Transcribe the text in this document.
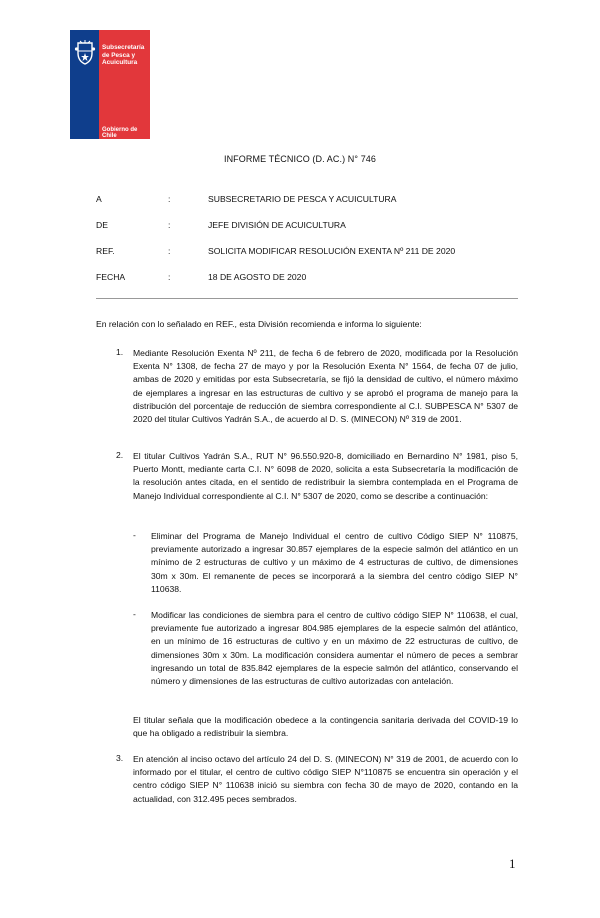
Subsecretaría
de Pesca y
Acuicultura
Gobierno de Chile
INFORME TÉCNICO (D. AC.) N° 746
A	:	SUBSECRETARIO DE PESCA Y ACUICULTURA
DE	:	JEFE DIVISIÓN DE ACUICULTURA
REF.	:	SOLICITA MODIFICAR RESOLUCIÓN EXENTA Nº 211 DE 2020
FECHA	:	18 DE AGOSTO DE 2020
En relación con lo señalado en REF., esta División recomienda e informa lo siguiente:
1. Mediante Resolución Exenta Nº 211, de fecha 6 de febrero de 2020, modificada por la Resolución Exenta N° 1308, de fecha 27 de mayo y por la Resolución Exenta N° 1564, de fecha 07 de julio, ambas de 2020 y emitidas por esta Subsecretaría, se fijó la densidad de cultivo, el número máximo de ejemplares a ingresar en las estructuras de cultivo y se aprobó el programa de manejo para la distribución del porcentaje de reducción de siembra correspondiente al C.I. SUBPESCA N° 5307 de 2020 del titular Cultivos Yadrán S.A., de acuerdo al D. S. (MINECON) Nº 319 de 2001.
2. El titular Cultivos Yadrán S.A., RUT N° 96.550.920-8, domiciliado en Bernardino N° 1981, piso 5, Puerto Montt, mediante carta C.I. N° 6098 de 2020, solicita a esta Subsecretaría la modificación de la resolución antes citada, en el sentido de redistribuir la siembra contemplada en el Programa de Manejo Individual correspondiente al C.I. N° 5307 de 2020, como se describe a continuación:
- Eliminar del Programa de Manejo Individual el centro de cultivo Código SIEP N° 110875, previamente autorizado a ingresar 30.857 ejemplares de la especie salmón del atlántico en un mínimo de 2 estructuras de cultivo y un máximo de 4 estructuras de cultivo, de dimensiones 30m x 30m. El remanente de peces se incorporará a la siembra del centro código SIEP N° 110638.
- Modificar las condiciones de siembra para el centro de cultivo código SIEP N° 110638, el cual, previamente fue autorizado a ingresar 804.985 ejemplares de la especie salmón del atlántico, en un mínimo de 16 estructuras de cultivo y en un máximo de 22 estructuras de cultivo, de dimensiones 30m x 30m. La modificación considera aumentar el número de peces a sembrar ingresando un total de 835.842 ejemplares de la especie salmón del atlántico, conservando el número y dimensiones de las estructuras de cultivo autorizadas con antelación.
El titular señala que la modificación obedece a la contingencia sanitaria derivada del COVID-19 lo que ha obligado a redistribuir la siembra.
3. En atención al inciso octavo del artículo 24 del D. S. (MINECON) N° 319 de 2001, de acuerdo con lo informado por el titular, el centro de cultivo código SIEP N°110875 se encuentra sin operación y el centro código SIEP N° 110638 inició su siembra con fecha 30 de mayo de 2020, contando en la actualidad, con 312.495 peces sembrados.
1
